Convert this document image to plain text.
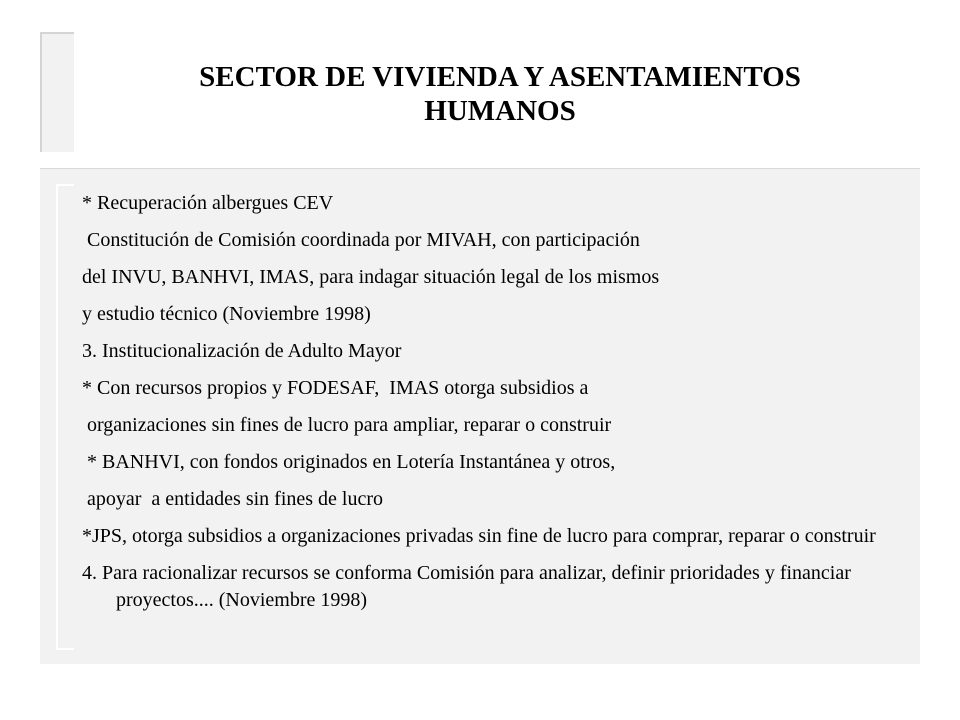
SECTOR DE VIVIENDA Y ASENTAMIENTOS
HUMANOS

* Recuperación albergues CEV

Constitución de Comisión coordinada por MIVAH, con participación

del INVU, BANHVI, IMAS, para indagar situación legal de los mismos

y estudio técnico (Noviembre 1998)

3. Institucionalización de Adulto Mayor

* Con recursos propios y FODESAF,  IMAS otorga subsidios a

organizaciones sin fines de lucro para ampliar, reparar o construir

* BANHVI, con fondos originados en Lotería Instantánea y otros,

apoyar  a entidades sin fines de lucro

*JPS, otorga subsidios a organizaciones privadas sin fine de lucro para comprar, reparar o construir

4. Para racionalizar recursos se conforma Comisión para analizar, definir prioridades y financiar proyectos.... (Noviembre 1998)
